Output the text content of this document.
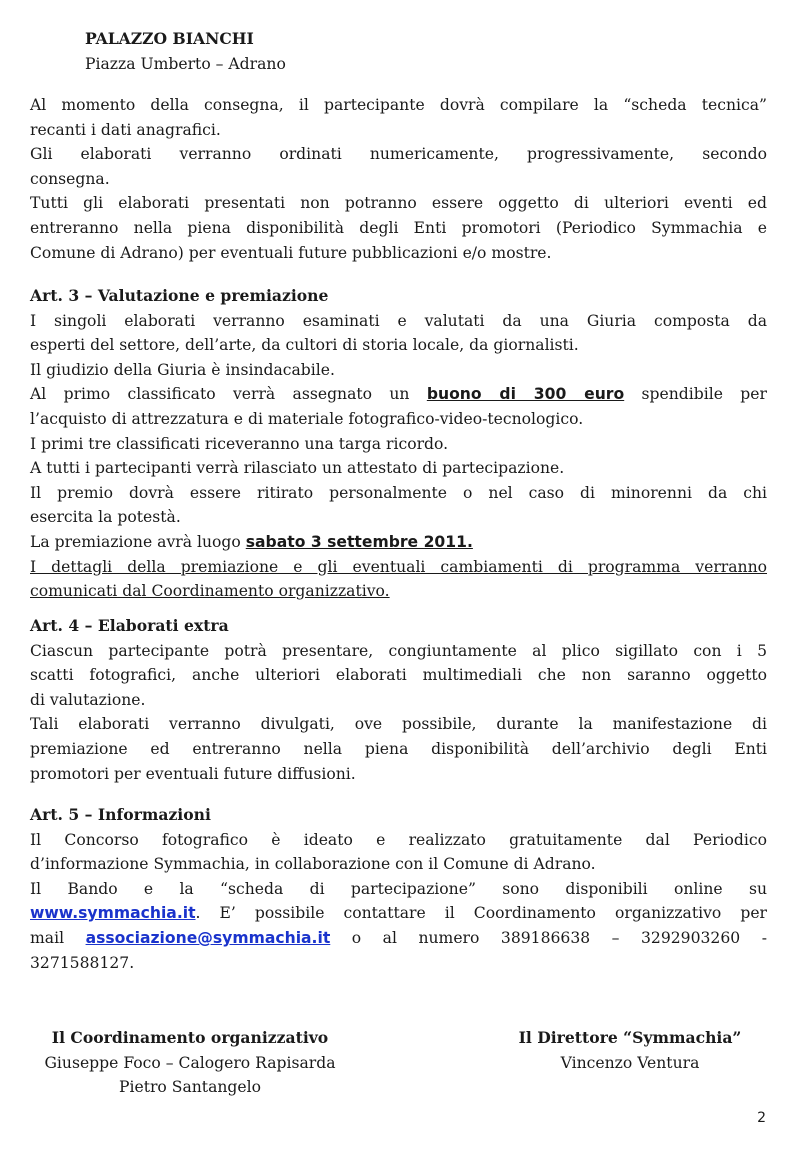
PALAZZO BIANCHI
Piazza Umberto – Adrano
Al momento della consegna, il partecipante dovrà compilare la “scheda tecnica”
recanti i dati anagrafici.
Gli elaborati verranno ordinati numericamente, progressivamente, secondo
consegna.
Tutti gli elaborati presentati non potranno essere oggetto di ulteriori eventi ed
entreranno nella piena disponibilità degli Enti promotori (Periodico Symmachia e
Comune di Adrano) per eventuali future pubblicazioni e/o mostre.
Art. 3 – Valutazione e premiazione
I singoli elaborati verranno esaminati e valutati da una Giuria composta da
esperti del settore, dell’arte, da cultori di storia locale, da giornalisti.
Il giudizio della Giuria è insindacabile.
Al primo classificato verrà assegnato un buono di 300 euro spendibile per
l’acquisto di attrezzatura e di materiale fotografico-video-tecnologico.
I primi tre classificati riceveranno una targa ricordo.
A tutti i partecipanti verrà rilasciato un attestato di partecipazione.
Il premio dovrà essere ritirato personalmente o nel caso di minorenni da chi
esercita la potestà.
La premiazione avrà luogo sabato 3 settembre 2011.
I dettagli della premiazione e gli eventuali cambiamenti di programma verranno
comunicati dal Coordinamento organizzativo.
Art. 4 – Elaborati extra
Ciascun partecipante potrà presentare, congiuntamente al plico sigillato con i 5
scatti fotografici, anche ulteriori elaborati multimediali che non saranno oggetto
di valutazione.
Tali elaborati verranno divulgati, ove possibile, durante la manifestazione di
premiazione ed entreranno nella piena disponibilità dell’archivio degli Enti
promotori per eventuali future diffusioni.
Art. 5 – Informazioni
Il Concorso fotografico è ideato e realizzato gratuitamente dal Periodico
d’informazione Symmachia, in collaborazione con il Comune di Adrano.
Il Bando e la “scheda di partecipazione” sono disponibili online su
www.symmachia.it. E’ possibile contattare il Coordinamento organizzativo per
mail associazione@symmachia.it o al numero 389186638 – 3292903260 -
3271588127.
Il Coordinamento organizzativo
Giuseppe Foco – Calogero Rapisarda
Pietro Santangelo
Il Direttore “Symmachia”
Vincenzo Ventura
2
